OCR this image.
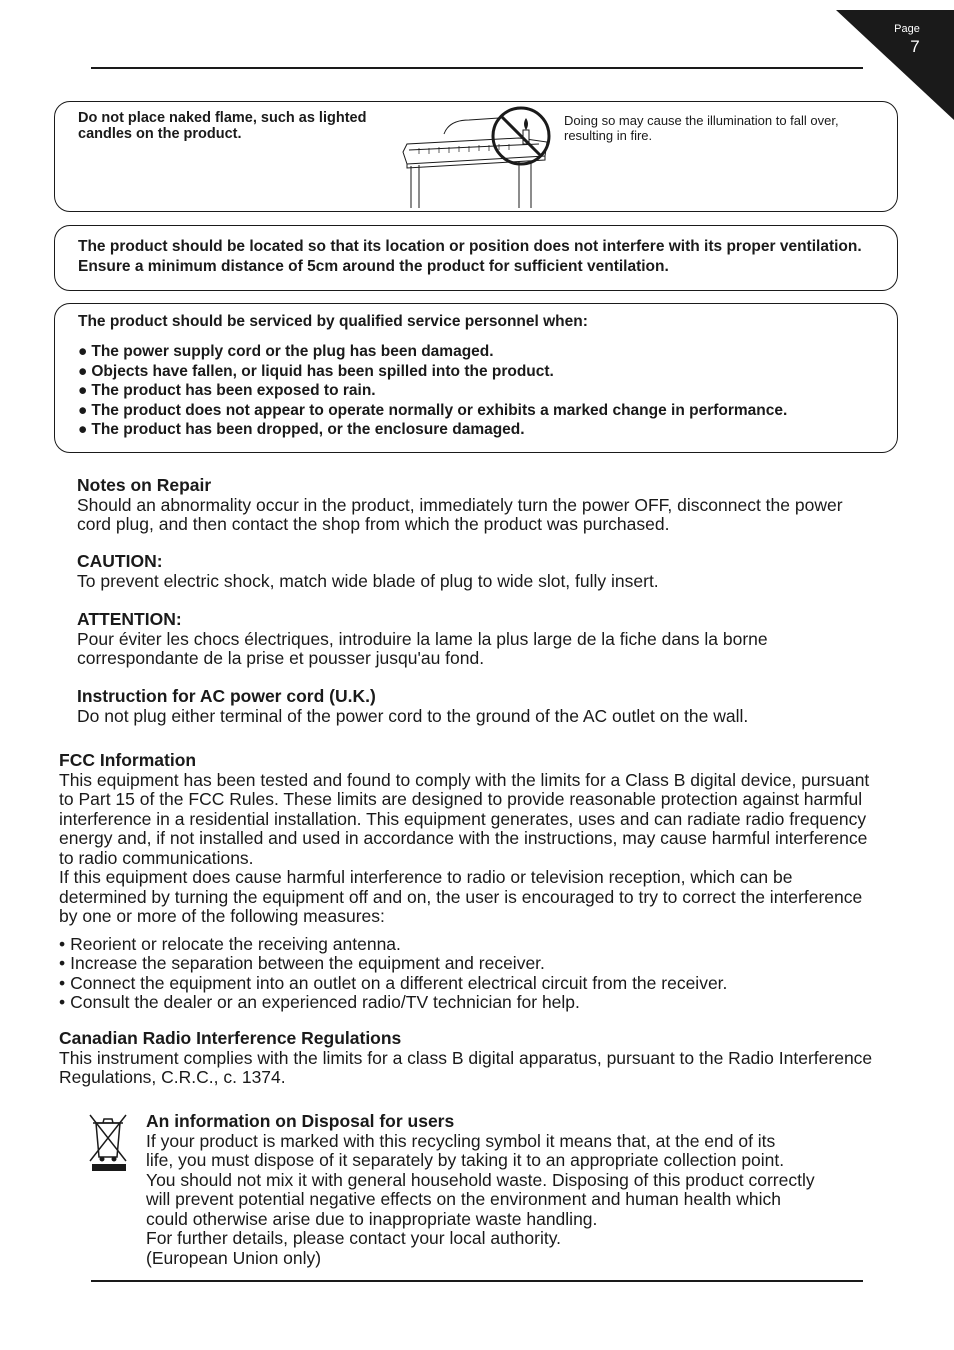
Page
7
Do not place naked flame, such as lighted candles on the product.
Doing so may cause the illumination to fall over, resulting in fire.
The product should be located so that its location or position does not interfere with its proper ventilation. Ensure a minimum distance of 5cm around the product for sufficient ventilation.
The product should be serviced by qualified service personnel when:
● The power supply cord or the plug has been damaged.
● Objects have fallen, or liquid has been spilled into the product.
● The product has been exposed to rain.
● The product does not appear to operate normally or exhibits a marked change in performance.
● The product has been dropped, or the enclosure damaged.
Notes on Repair

Should an abnormality occur in the product, immediately turn the power OFF, disconnect the power cord plug, and then contact the shop from which the product was purchased.

CAUTION:

To prevent electric shock, match wide blade of plug to wide slot, fully insert.

ATTENTION:

Pour éviter les chocs électriques, introduire la lame la plus large de la fiche dans la borne correspondante de la prise et pousser jusqu'au fond.

Instruction for AC power cord (U.K.)

Do not plug either terminal of the power cord to the ground of the AC outlet on the wall.

FCC Information

This equipment has been tested and found to comply with the limits for a Class B digital device, pursuant to Part 15 of the FCC Rules. These limits are designed to provide reasonable protection against harmful interference in a residential installation. This equipment generates, uses and can radiate radio frequency energy and, if not installed and used in accordance with the instructions, may cause harmful interference to radio communications.

If this equipment does cause harmful interference to radio or television reception, which can be determined by turning the equipment off and on, the user is encouraged to try to correct the interference by one or more of the following measures:

• Reorient or relocate the receiving antenna.
• Increase the separation between the equipment and receiver.
• Connect the equipment into an outlet on a different electrical circuit from the receiver.
• Consult the dealer or an experienced radio/TV technician for help.
Canadian Radio Interference Regulations

This instrument complies with the limits for a class B digital apparatus, pursuant to the Radio Interference Regulations, C.R.C., c. 1374.

An information on Disposal for users

If your product is marked with this recycling symbol it means that, at the end of its

life, you must dispose of it separately by taking it to an appropriate collection point.

You should not mix it with general household waste. Disposing of this product correctly

will prevent potential negative effects on the environment and human health which

could otherwise arise due to inappropriate waste handling.

For further details, please contact your local authority.

(European Union only)
